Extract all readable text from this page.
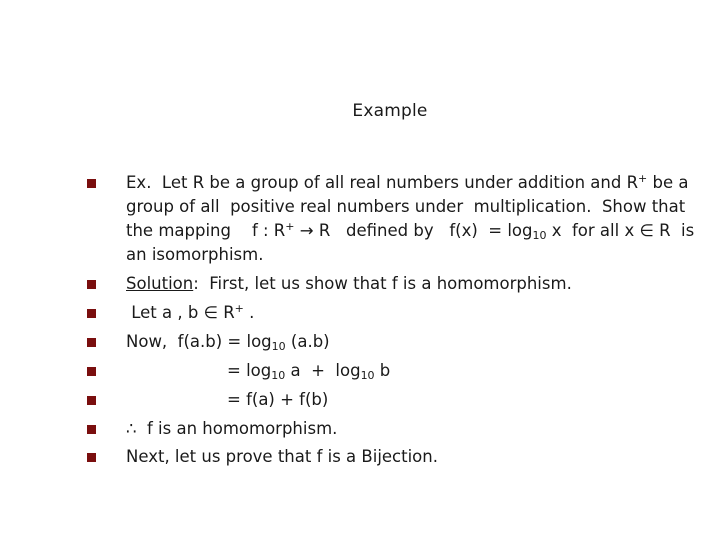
Example
Ex.  Let R be a group of all real numbers under addition and R+ be a
group of all  positive real numbers under  multiplication.  Show that
the mapping    f : R+ → R   defined by   $f(x) = \log_{10} x$  for all x ∈ R  is
an isomorphism.
Solution:  First, let us show that f is a homomorphism.
Let a , b ∈ R+ .
Now,  $f(a.b) = \log_{10} (a.b)$
= $\log_{10} a + \log_{10} b$
= f(a) + f(b)
∴  f is an homomorphism.
Next, let us prove that f is a Bijection.
